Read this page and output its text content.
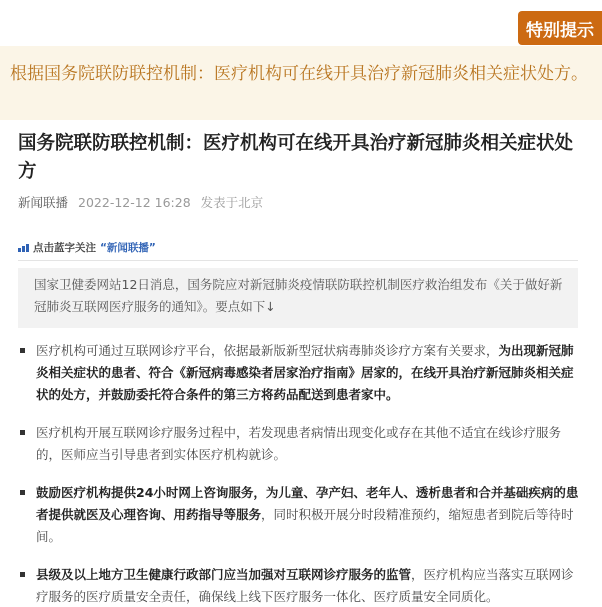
特别提示
根据国务院联防联控机制：医疗机构可在线开具治疗新冠肺炎相关症状处方。
国务院联防联控机制：医疗机构可在线开具治疗新冠肺炎相关症状处方
新闻联播 2022-12-12 16:28 发表于北京
点击蓝字关注 “新闻联播”
国家卫健委网站12日消息，国务院应对新冠肺炎疫情联防联控机制医疗救治组发布《关于做好新冠肺炎互联网医疗服务的通知》。要点如下↓
医疗机构可通过互联网诊疗平台，依据最新版新型冠状病毒肺炎诊疗方案有关要求，为出现新冠肺炎相关症状的患者、符合《新冠病毒感染者居家治疗指南》居家的，在线开具治疗新冠肺炎相关症状的处方，并鼓励委托符合条件的第三方将药品配送到患者家中。
医疗机构开展互联网诊疗服务过程中，若发现患者病情出现变化或存在其他不适宜在线诊疗服务的，医师应当引导患者到实体医疗机构就诊。
鼓励医疗机构提供24小时网上咨询服务，为儿童、孕产妇、老年人、透析患者和合并基础疾病的患者提供就医及心理咨询、用药指导等服务，同时积极开展分时段精准预约，缩短患者到院后等待时间。
县级及以上地方卫生健康行政部门应当加强对互联网诊疗服务的监管，医疗机构应当落实互联网诊疗服务的医疗质量安全责任，确保线上线下医疗服务一体化、医疗质量安全同质化。
